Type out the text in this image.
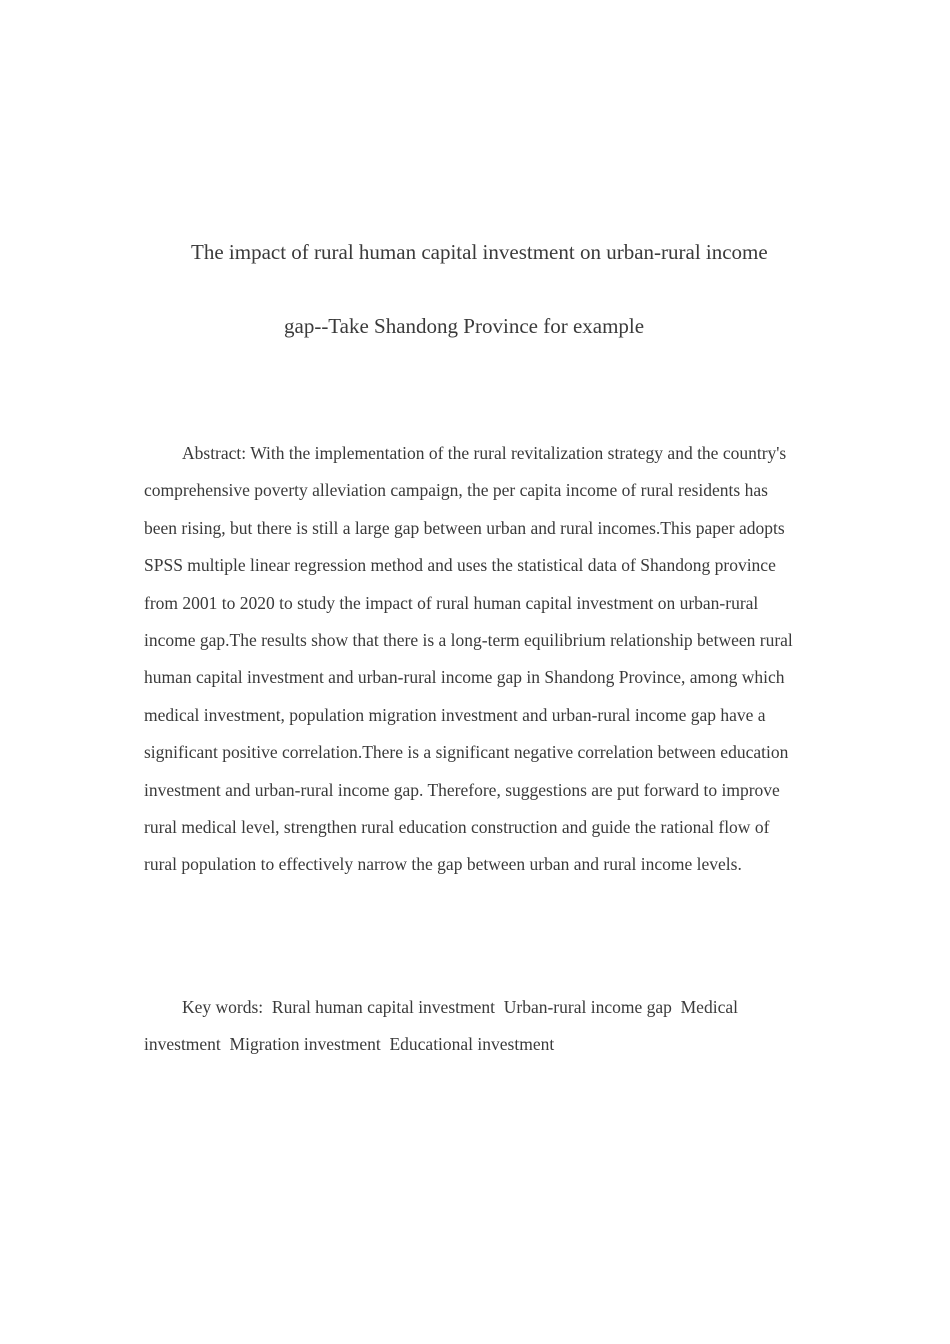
The impact of rural human capital investment on urban-rural income
gap--Take Shandong Province for example
Abstract: With the implementation of the rural revitalization strategy and the country's comprehensive poverty alleviation campaign, the per capita income of rural residents has been rising, but there is still a large gap between urban and rural incomes.This paper adopts SPSS multiple linear regression method and uses the statistical data of Shandong province from 2001 to 2020 to study the impact of rural human capital investment on urban-rural income gap.The results show that there is a long-term equilibrium relationship between rural human capital investment and urban-rural income gap in Shandong Province, among which medical investment, population migration investment and urban-rural income gap have a significant positive correlation.There is a significant negative correlation between education investment and urban-rural income gap. Therefore, suggestions are put forward to improve rural medical level, strengthen rural education construction and guide the rational flow of rural population to effectively narrow the gap between urban and rural income levels.
Key words: Rural human capital investment Urban-rural income gap Medical investment Migration investment Educational investment
